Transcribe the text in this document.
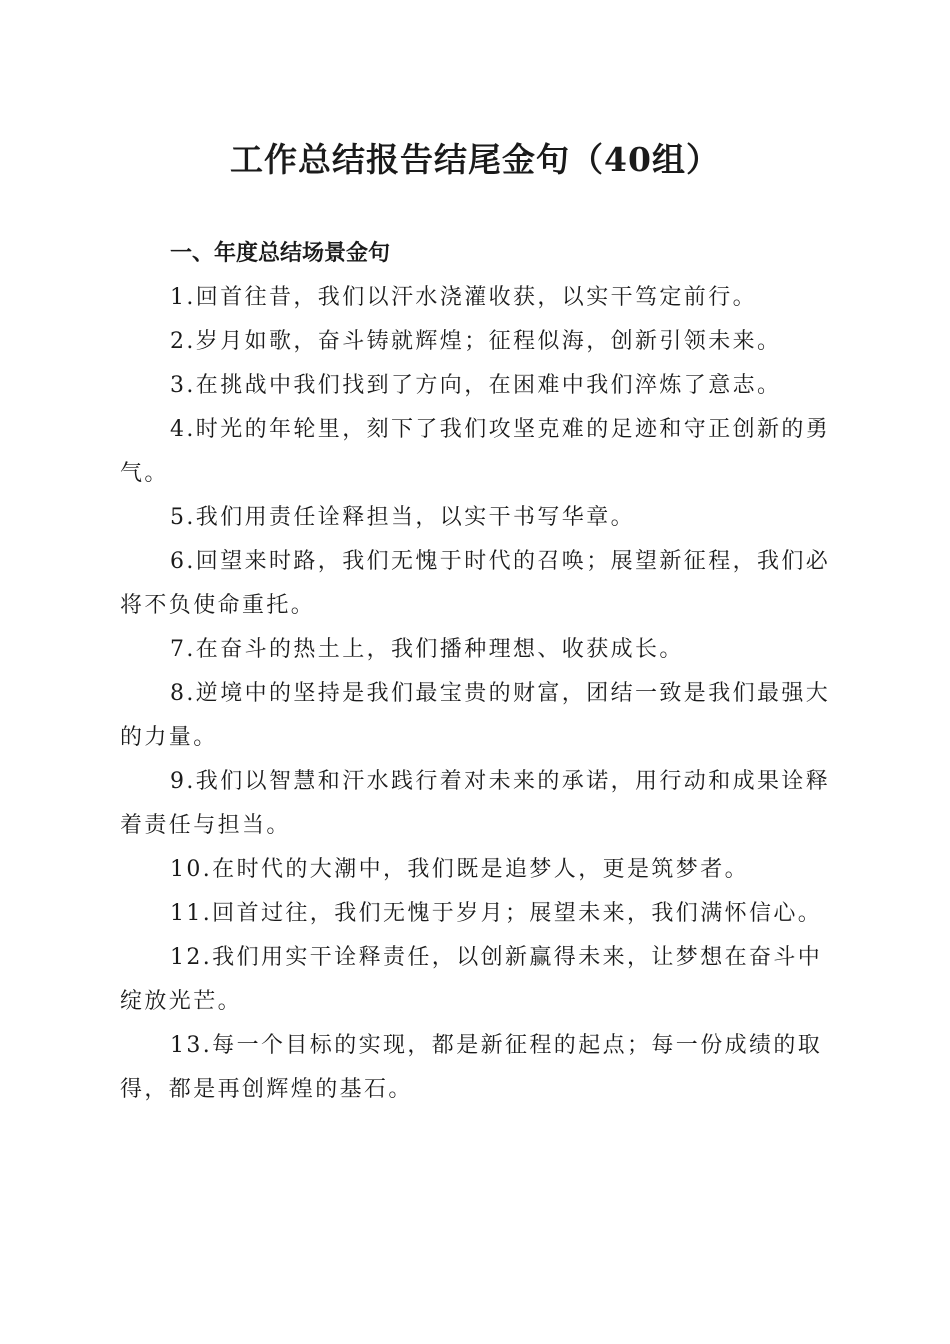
工作总结报告结尾金句（40组）
一、年度总结场景金句
1.回首往昔，我们以汗水浇灌收获，以实干笃定前行。
2.岁月如歌，奋斗铸就辉煌；征程似海，创新引领未来。
3.在挑战中我们找到了方向，在困难中我们淬炼了意志。
4.时光的年轮里，刻下了我们攻坚克难的足迹和守正创新的勇气。
5.我们用责任诠释担当，以实干书写华章。
6.回望来时路，我们无愧于时代的召唤；展望新征程，我们必将不负使命重托。
7.在奋斗的热土上，我们播种理想、收获成长。
8.逆境中的坚持是我们最宝贵的财富，团结一致是我们最强大的力量。
9.我们以智慧和汗水践行着对未来的承诺，用行动和成果诠释着责任与担当。
10.在时代的大潮中，我们既是追梦人，更是筑梦者。
11.回首过往，我们无愧于岁月；展望未来，我们满怀信心。
12.我们用实干诠释责任，以创新赢得未来，让梦想在奋斗中绽放光芒。
13.每一个目标的实现，都是新征程的起点；每一份成绩的取得，都是再创辉煌的基石。
